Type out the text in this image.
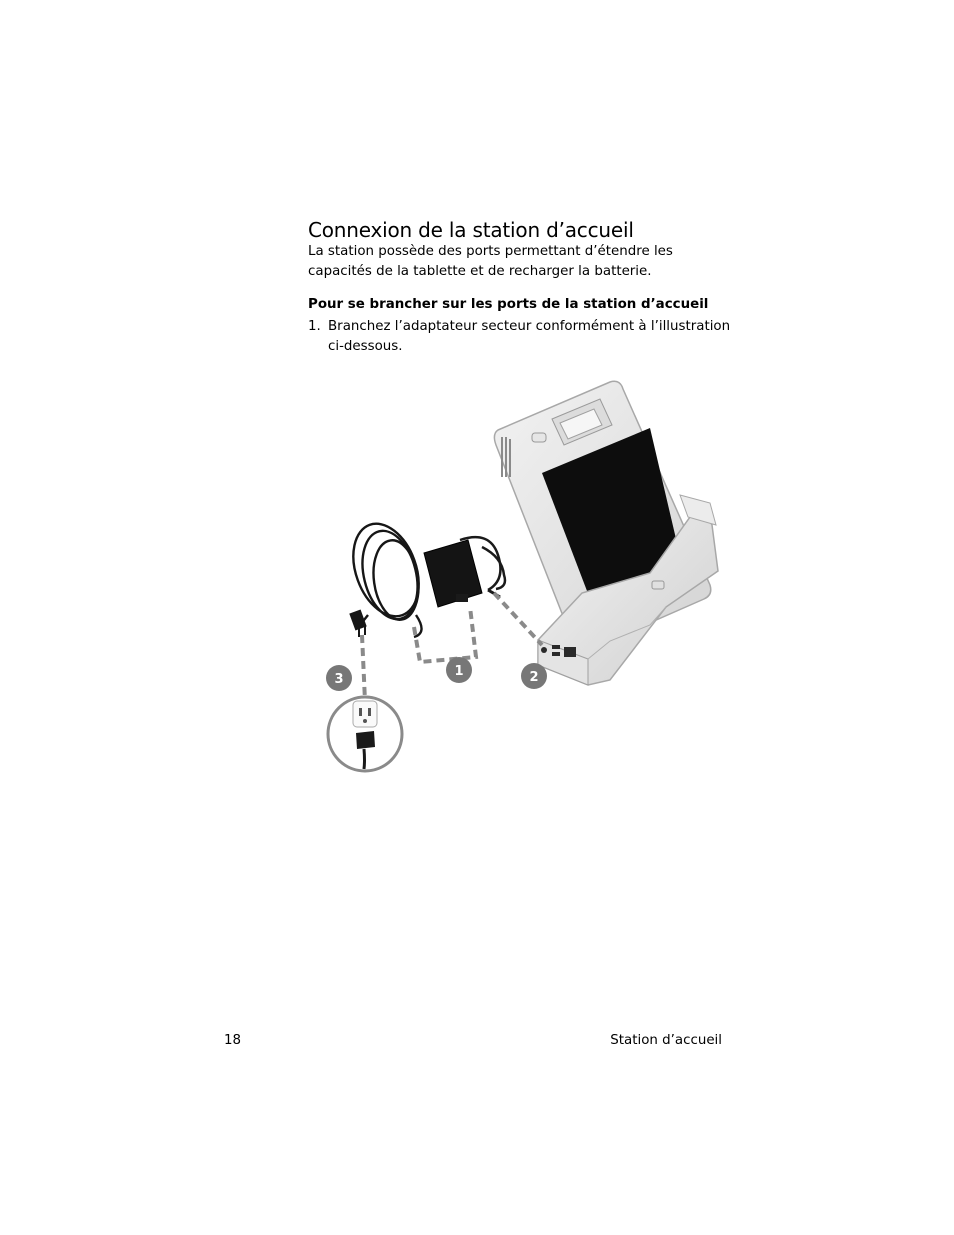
Connexion de la station d’accueil

La station possède des ports permettant d’étendre les capacités de la tablette et de recharger la batterie.

Pour se brancher sur les ports de la station d’accueil

1. Branchez l’adaptateur secteur conformément à l’illustration ci-dessous.

1	2
3
18	Station d’accueil
